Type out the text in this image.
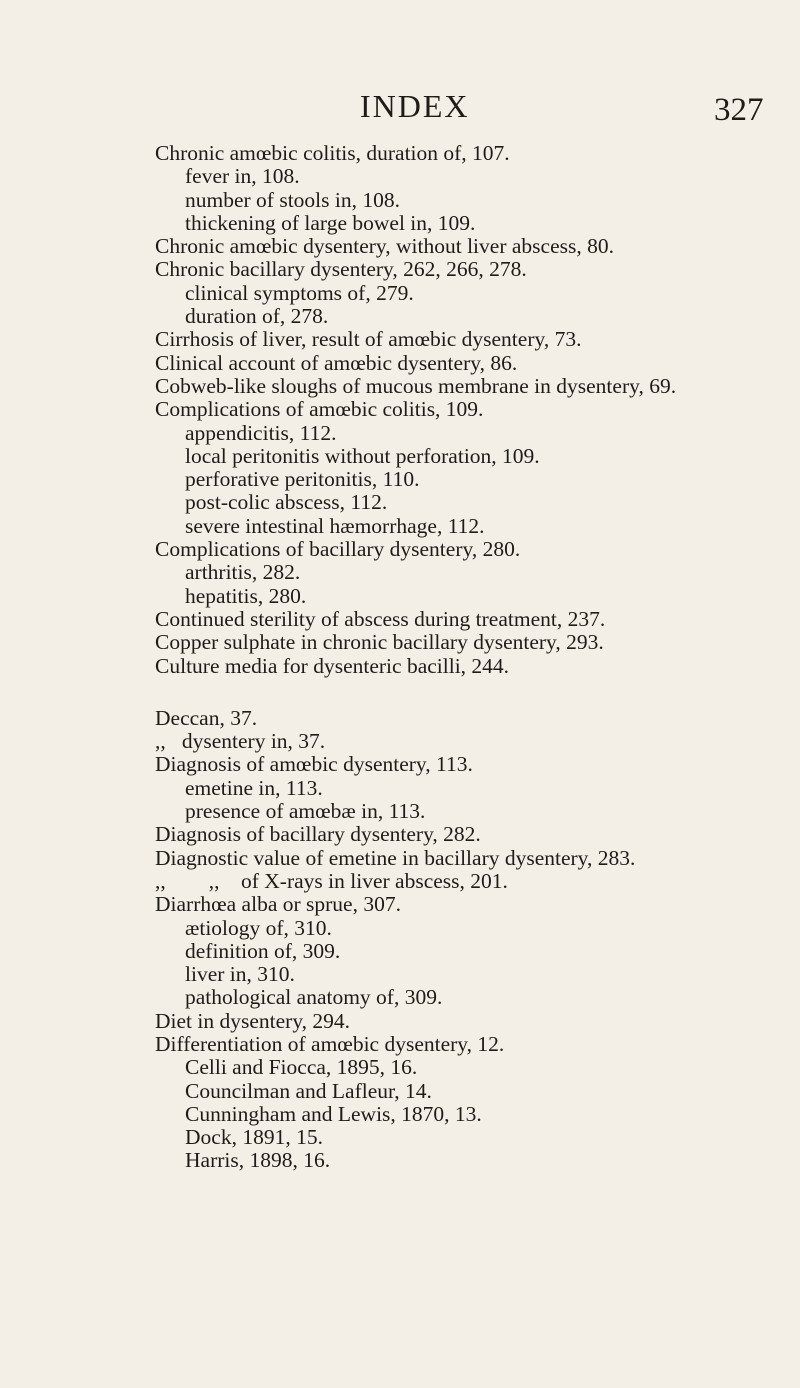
INDEX	327
Chronic amœbic colitis, duration of, 107.
fever in, 108.
number of stools in, 108.
thickening of large bowel in, 109.
Chronic amœbic dysentery, without liver abscess, 80.
Chronic bacillary dysentery, 262, 266, 278.
clinical symptoms of, 279.
duration of, 278.
Cirrhosis of liver, result of amœbic dysentery, 73.
Clinical account of amœbic dysentery, 86.
Cobweb-like sloughs of mucous membrane in dysentery, 69.
Complications of amœbic colitis, 109.
appendicitis, 112.
local peritonitis without perforation, 109.
perforative peritonitis, 110.
post-colic abscess, 112.
severe intestinal hæmorrhage, 112.
Complications of bacillary dysentery, 280.
arthritis, 282.
hepatitis, 280.
Continued sterility of abscess during treatment, 237.
Copper sulphate in chronic bacillary dysentery, 293.
Culture media for dysenteric bacilli, 244.
Deccan, 37.
,,   dysentery in, 37.
Diagnosis of amœbic dysentery, 113.
emetine in, 113.
presence of amœbæ in, 113.
Diagnosis of bacillary dysentery, 282.
Diagnostic value of emetine in bacillary dysentery, 283.
,,        ,,    of X-rays in liver abscess, 201.
Diarrhœa alba or sprue, 307.
ætiology of, 310.
definition of, 309.
liver in, 310.
pathological anatomy of, 309.
Diet in dysentery, 294.
Differentiation of amœbic dysentery, 12.
Celli and Fiocca, 1895, 16.
Councilman and Lafleur, 14.
Cunningham and Lewis, 1870, 13.
Dock, 1891, 15.
Harris, 1898, 16.
